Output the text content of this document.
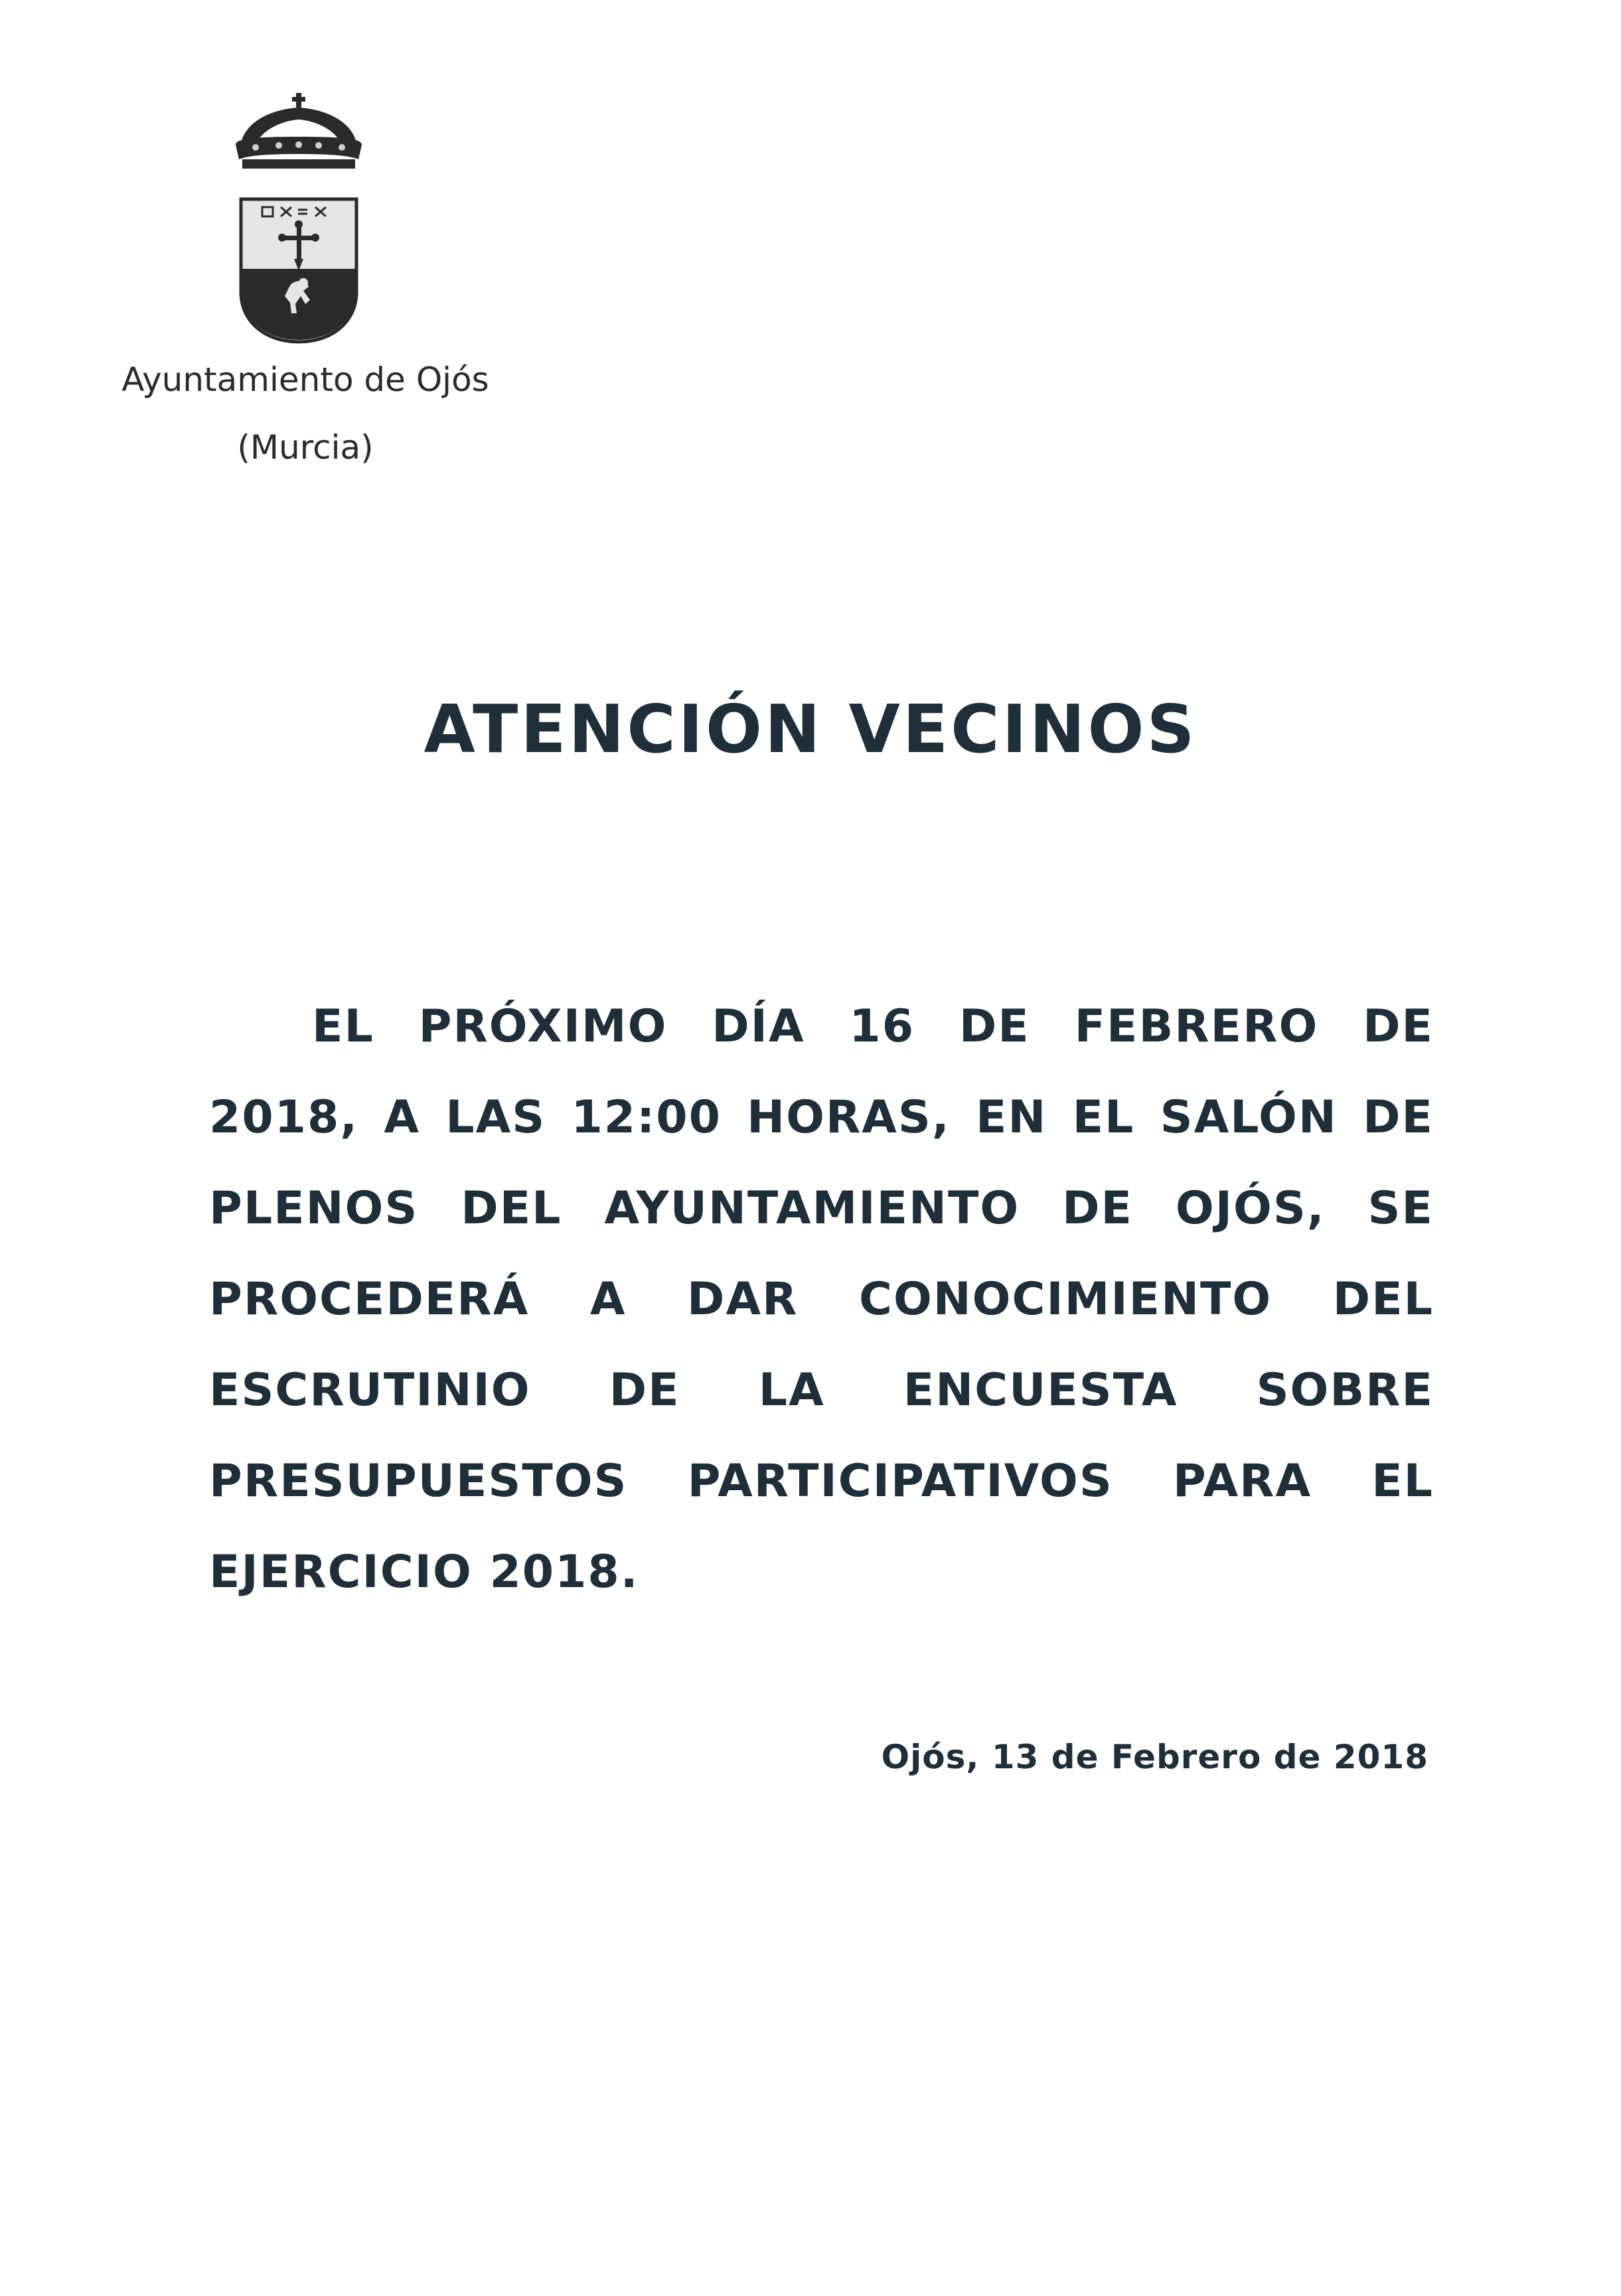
Ayuntamiento de Ojós
(Murcia)
ATENCIÓN VECINOS
EL PRÓXIMO DÍA 16 DE FEBRERO DE 2018, A LAS 12:00 HORAS, EN EL SALÓN DE PLENOS DEL AYUNTAMIENTO DE OJÓS, SE PROCEDERÁ A DAR CONOCIMIENTO DEL ESCRUTINIO DE LA ENCUESTA SOBRE PRESUPUESTOS PARTICIPATIVOS PARA EL EJERCICIO 2018.
Ojós, 13 de Febrero de 2018
